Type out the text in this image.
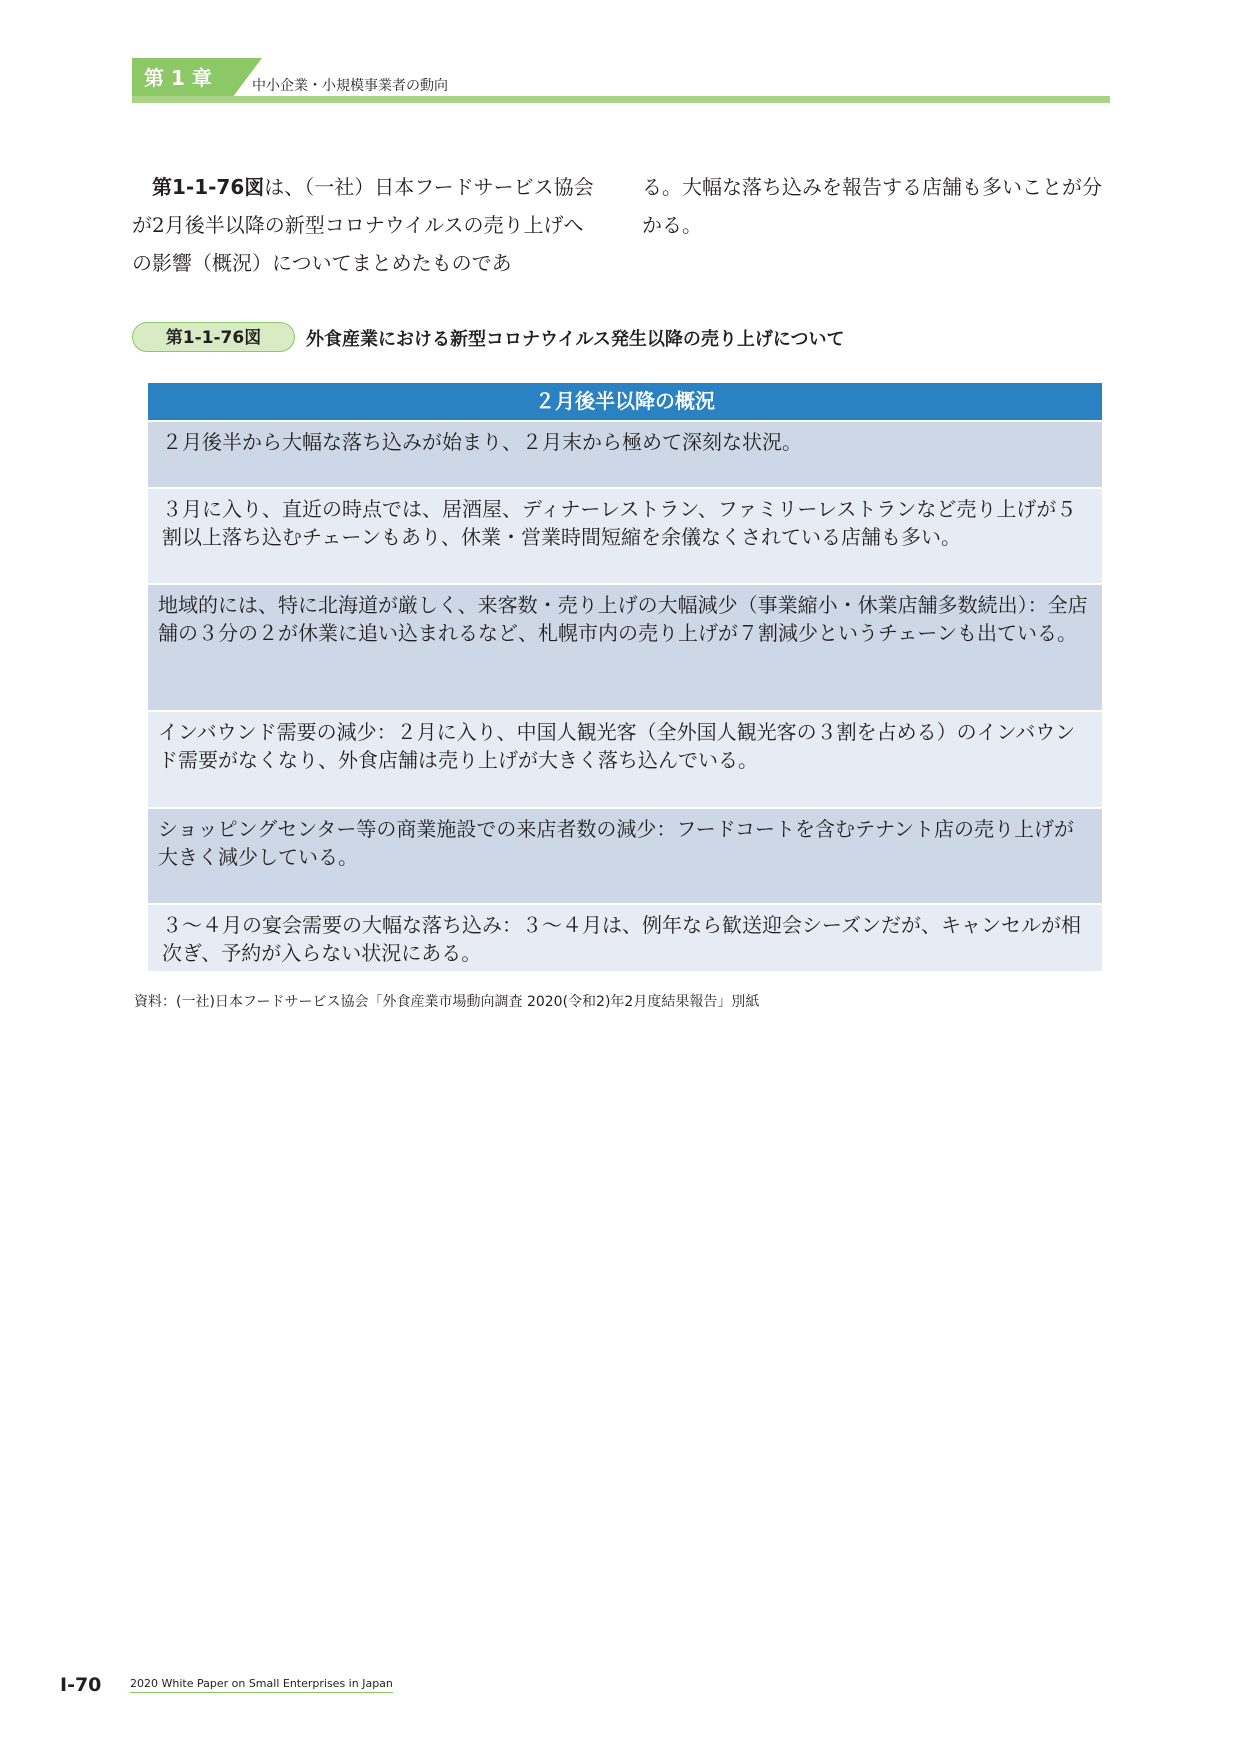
第 1 章	中小企業・小規模事業者の動向
第1-1-76図は、（一社）日本フードサービス協会が2月後半以降の新型コロナウイルスの売り上げへの影響（概況）についてまとめたものであ
る。大幅な落ち込みを報告する店舗も多いことが分かる。
第1-1-76図	外食産業における新型コロナウイルス発生以降の売り上げについて
２月後半以降の概況
２月後半から大幅な落ち込みが始まり、２月末から極めて深刻な状況。
３月に入り、直近の時点では、居酒屋、ディナーレストラン、ファミリーレストランなど売り上げが５割以上落ち込むチェーンもあり、休業・営業時間短縮を余儀なくされている店舗も多い。
地域的には、特に北海道が厳しく、来客数・売り上げの大幅減少（事業縮小・休業店舗多数続出）：全店舗の３分の２が休業に追い込まれるなど、札幌市内の売り上げが７割減少というチェーンも出ている。
インバウンド需要の減少：２月に入り、中国人観光客（全外国人観光客の３割を占める）のインバウンド需要がなくなり、外食店舗は売り上げが大きく落ち込んでいる。
ショッピングセンター等の商業施設での来店者数の減少：フードコートを含むテナント店の売り上げが大きく減少している。
３～４月の宴会需要の大幅な落ち込み：３～４月は、例年なら歓送迎会シーズンだが、キャンセルが相次ぎ、予約が入らない状況にある。
資料：(一社)日本フードサービス協会「外食産業市場動向調査 2020(令和2)年2月度結果報告」別紙
I-70	2020 White Paper on Small Enterprises in Japan
